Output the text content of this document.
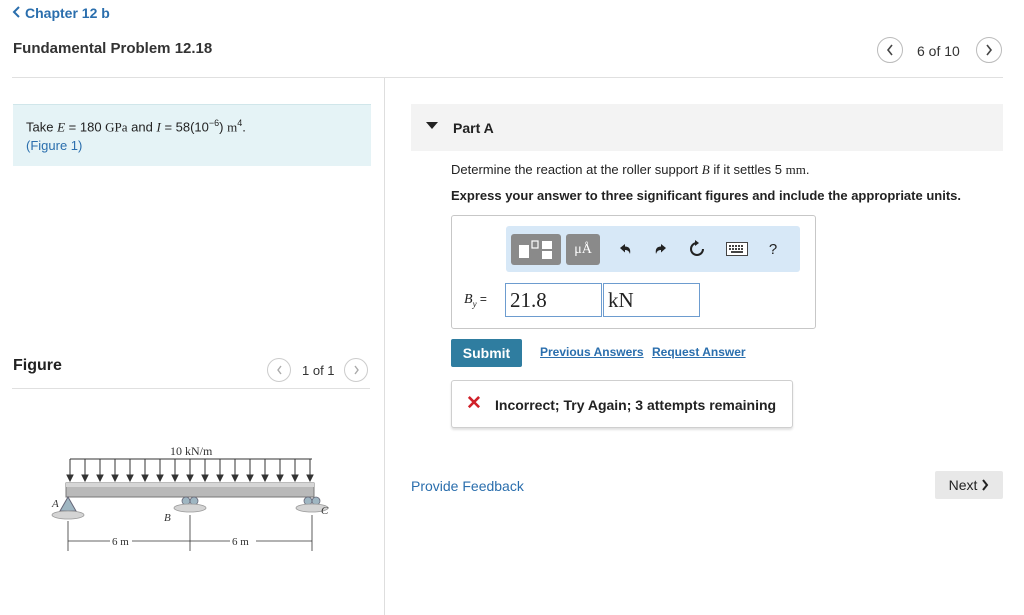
Chapter 12 b
Fundamental Problem 12.18	6 of 10
Take E = 180 GPa and $I = 58(10^{-6})$ $m^4$.
(Figure 1)
Figure	1 of 1
10 kN/m
A
B
C
6 m	6 m
Part A
Determine the reaction at the roller support B if it settles 5 mm.
Express your answer to three significant figures and include the appropriate units.
μÅ	?
$B_y = 21.8$	kN
Submit	Previous Answers Request Answer
✕ Incorrect; Try Again; 3 attempts remaining
Provide Feedback	Next
